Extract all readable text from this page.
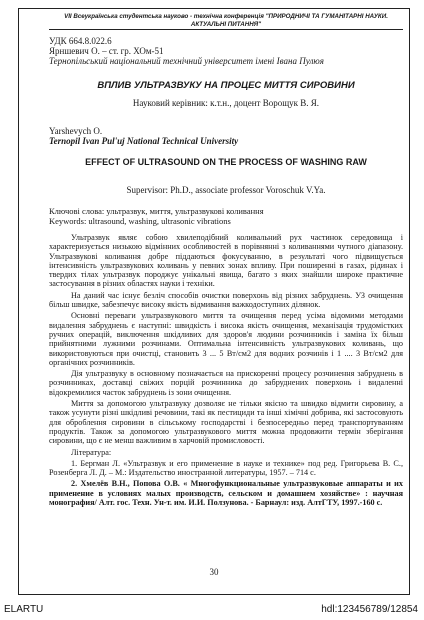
VII Всеукраїнська студентська науково - технічна конференція "ПРИРОДНИЧІ ТА ГУМАНІТАРНІ НАУКИ. АКТУАЛЬНІ ПИТАННЯ"
УДК 664.8.022.6
Ярншевич О. – ст. гр. ХОм-51
Тернопільський національний технічний університет імені Івана Пулюя
ВПЛИВ УЛЬТРАЗВУКУ НА ПРОЦЕС МИТТЯ СИРОВИНИ
Науковий керівник: к.т.н., доцент Ворощук В. Я.
Yarshevych O.
Ternopil Ivan Pul'uj National Technical University
EFFECT OF ULTRASOUND ON THE PROCESS OF WASHING RAW
Supervisor: Ph.D., associate professor Voroschuk V.Ya.
Ключові слова: ультразвук, миття, ультразвукові коливання
Keywords: ultrasound, washing, ultrasonic vibrations

Ультразвук являє собою хвилеподібний коливальний рух частинок середовища і характеризується низькою відмінних особливостей в порівнянні з коливаннями чутного діапазону. Ультразвукові коливання добре піддаються фокусуванню, в результаті чого підвищується інтенсивність ультразвукових коливань у певних зонах впливу. При поширенні в газах, рідинах і твердих тілах ультразвук породжує унікальні явища, багато з яких знайшли широке практичне застосування в різних областях науки і техніки.

На даний час існує безліч способів очистки поверхонь від різних забруднень. УЗ очищення більш швидке, забезпечує високу якість відмивання важкодоступних ділянок.

Основні переваги ультразвукового миття та очищення перед усіма відомими методами видалення забруднень є наступні: швидкість і висока якість очищення, механізація трудомістких ручних операцій, виключення шкідливих для здоров'я людини розчинників і заміна їх більш прийнятними лужними розчинами. Оптимальна інтенсивність ультразвукових коливань, що використовуються при очистці, становить 3 ... 5 Вт/см2 для водних розчинів і 1 .... 3 Вт/см2 для органічних розчинників.

Дія ультразвуку в основному позначається на прискоренні процесу розчинення забруднень в розчинниках, доставці свіжих порцій розчинника до забруднених поверхонь і видаленні відокремилися часток забруднень із зони очищення.

Миття за допомогою ультразвуку дозволяє не тільки якісно та швидко відмити сировину, а також усунути різні шкідливі речовини, такі як пестициди та інші хімічні добрива, які застосовують для оброблення сировини в сільському господарстві і безпосередньо перед транспортуванням продуктів. Також за допомогою ультразвукового миття можна продовжити термін зберігання сировини, що є не менш важливим в харчовій промисловості.

Література:

1. Бергман Л. «Ультразвук и его применение в науке и технике» под ред. Григорьева В. С., Розенберга Л. Д. – М.: Издательство иностранной литературы, 1957. – 714 с.

2. Хмелёв В.Н., Попова О.В. « Многофункциональные ультразвуковые аппараты и их применение в условиях малых производств, сельском и домашнем хозяйстве» : научная монография/ Алт. гос. Техн. Ун-т. им. И.И. Ползунова. - Барнаул: изд. АлтГТУ, 1997.-160 с.

30
ELARTU	hdl:123456789/12854
